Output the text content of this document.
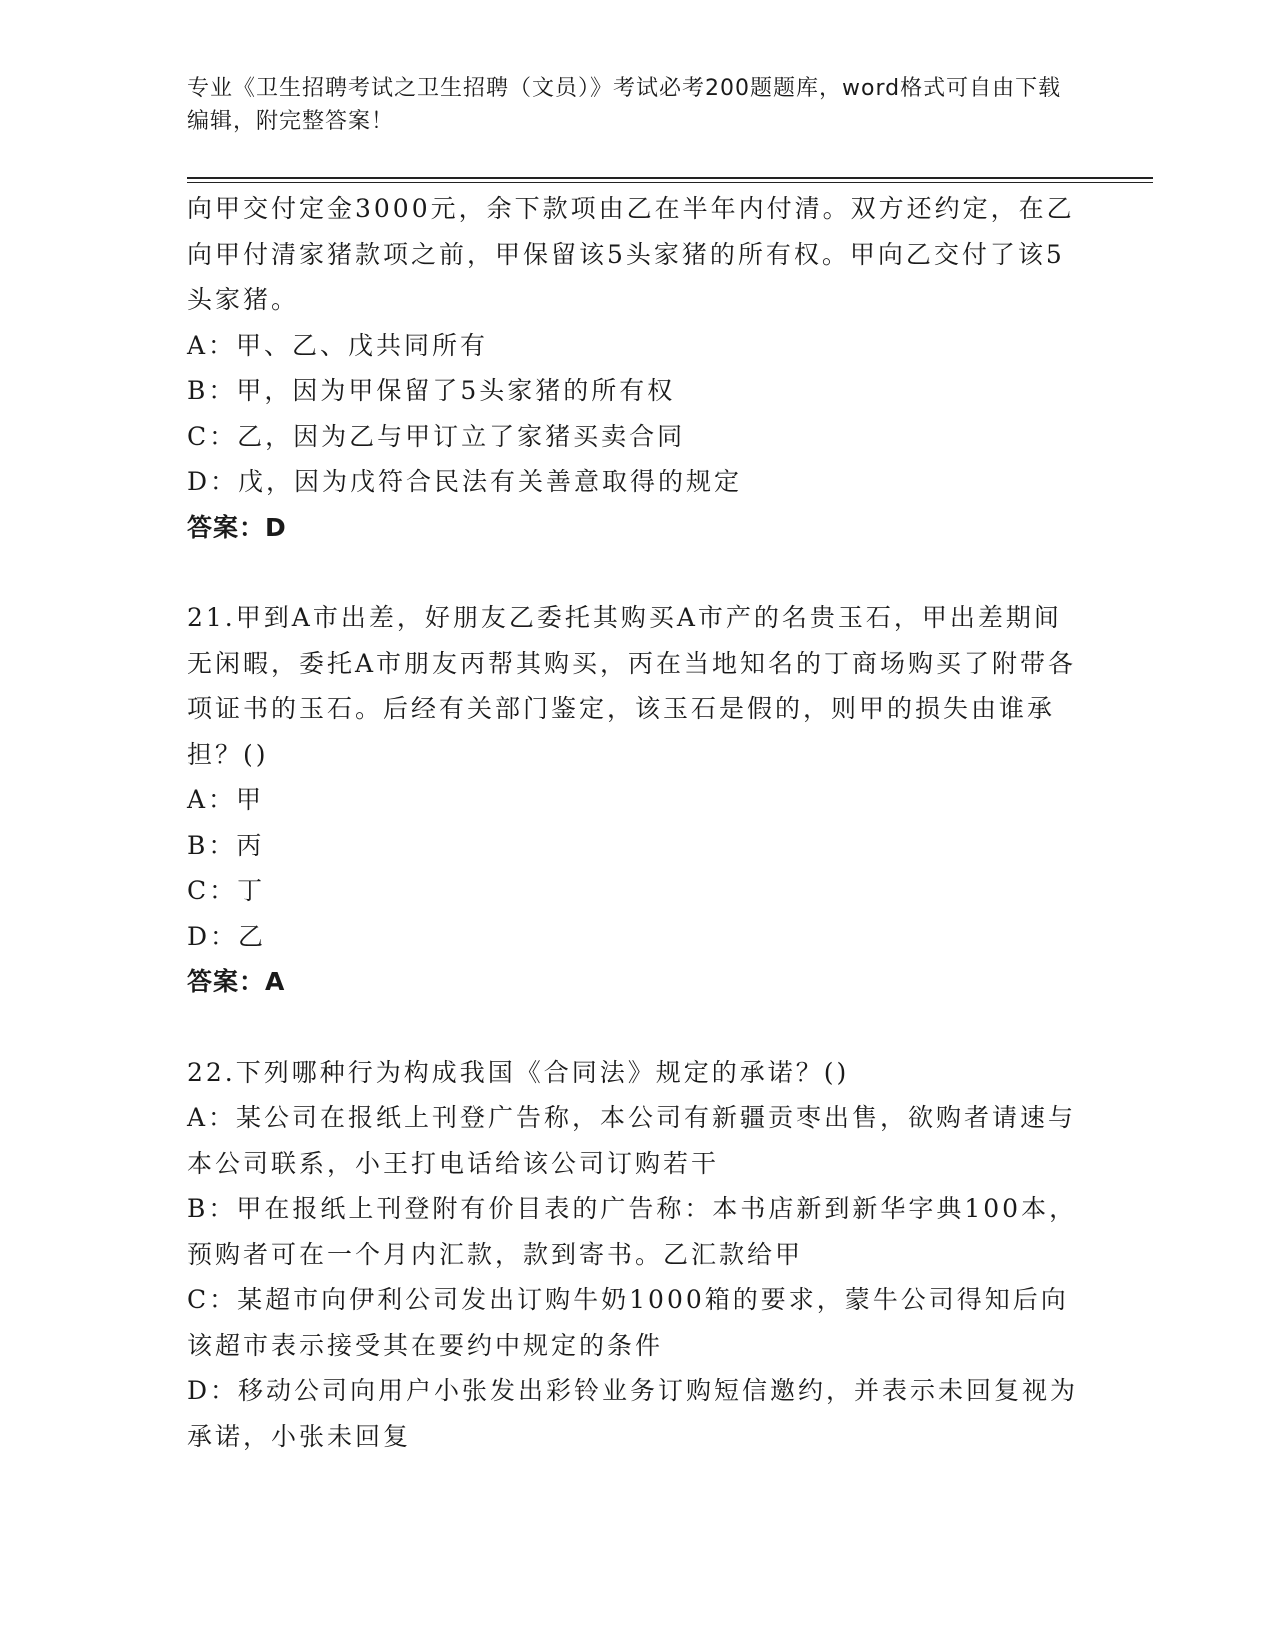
专业《卫生招聘考试之卫生招聘（文员）》考试必考200题题库，word格式可自由下载编辑，附完整答案！

向甲交付定金3000元，余下款项由乙在半年内付清。双方还约定，在乙向甲付清家猪款项之前，甲保留该5头家猪的所有权。甲向乙交付了该5头家猪。

A：甲、乙、戊共同所有

B：甲，因为甲保留了5头家猪的所有权

C：乙，因为乙与甲订立了家猪买卖合同

D：戊，因为戊符合民法有关善意取得的规定

答案：D

21.甲到A市出差，好朋友乙委托其购买A市产的名贵玉石，甲出差期间无闲暇，委托A市朋友丙帮其购买，丙在当地知名的丁商场购买了附带各项证书的玉石。后经有关部门鉴定，该玉石是假的，则甲的损失由谁承担？()

A：甲

B：丙

C：丁

D：乙

答案：A

22.下列哪种行为构成我国《合同法》规定的承诺？()

A：某公司在报纸上刊登广告称，本公司有新疆贡枣出售，欲购者请速与本公司联系，小王打电话给该公司订购若干

B：甲在报纸上刊登附有价目表的广告称：本书店新到新华字典100本，预购者可在一个月内汇款，款到寄书。乙汇款给甲

C：某超市向伊利公司发出订购牛奶1000箱的要求，蒙牛公司得知后向该超市表示接受其在要约中规定的条件

D：移动公司向用户小张发出彩铃业务订购短信邀约，并表示未回复视为承诺，小张未回复
